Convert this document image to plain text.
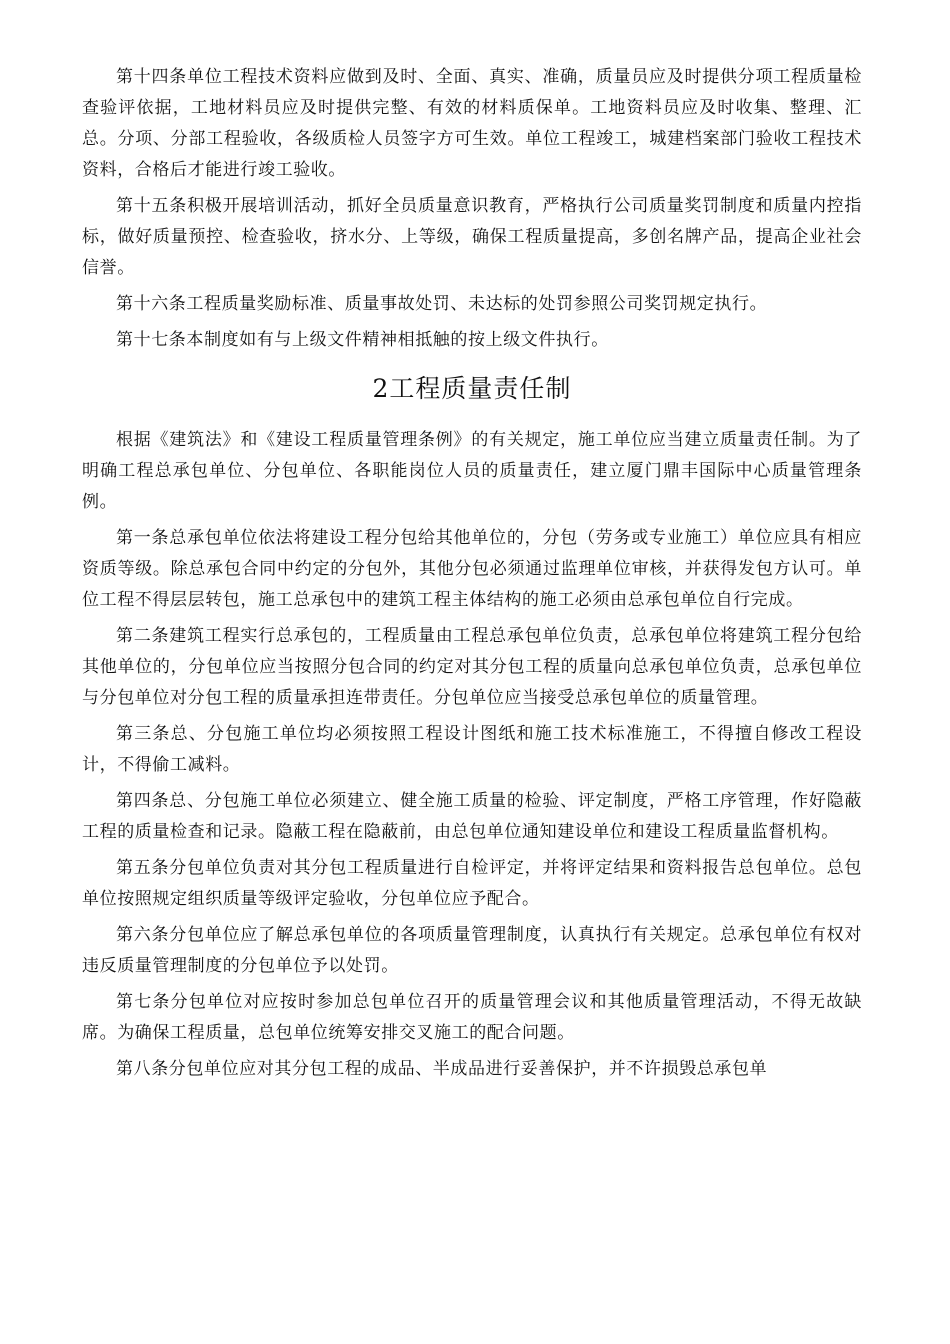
第十四条单位工程技术资料应做到及时、全面、真实、准确，质量员应及时提供分项工程质量检查验评依据，工地材料员应及时提供完整、有效的材料质保单。工地资料员应及时收集、整理、汇总。分项、分部工程验收，各级质检人员签字方可生效。单位工程竣工，城建档案部门验收工程技术资料，合格后才能进行竣工验收。

第十五条积极开展培训活动，抓好全员质量意识教育，严格执行公司质量奖罚制度和质量内控指标，做好质量预控、检查验收，挤水分、上等级，确保工程质量提高，多创名牌产品，提高企业社会信誉。

第十六条工程质量奖励标准、质量事故处罚、未达标的处罚参照公司奖罚规定执行。

第十七条本制度如有与上级文件精神相抵触的按上级文件执行。

2工程质量责任制

根据《建筑法》和《建设工程质量管理条例》的有关规定，施工单位应当建立质量责任制。为了明确工程总承包单位、分包单位、各职能岗位人员的质量责任，建立厦门鼎丰国际中心质量管理条例。

第一条总承包单位依法将建设工程分包给其他单位的，分包（劳务或专业施工）单位应具有相应资质等级。除总承包合同中约定的分包外，其他分包必须通过监理单位审核，并获得发包方认可。单位工程不得层层转包，施工总承包中的建筑工程主体结构的施工必须由总承包单位自行完成。

第二条建筑工程实行总承包的，工程质量由工程总承包单位负责，总承包单位将建筑工程分包给其他单位的，分包单位应当按照分包合同的约定对其分包工程的质量向总承包单位负责，总承包单位与分包单位对分包工程的质量承担连带责任。分包单位应当接受总承包单位的质量管理。

第三条总、分包施工单位均必须按照工程设计图纸和施工技术标准施工，不得擅自修改工程设计，不得偷工减料。

第四条总、分包施工单位必须建立、健全施工质量的检验、评定制度，严格工序管理，作好隐蔽工程的质量检查和记录。隐蔽工程在隐蔽前，由总包单位通知建设单位和建设工程质量监督机构。

第五条分包单位负责对其分包工程质量进行自检评定，并将评定结果和资料报告总包单位。总包单位按照规定组织质量等级评定验收，分包单位应予配合。

第六条分包单位应了解总承包单位的各项质量管理制度，认真执行有关规定。总承包单位有权对违反质量管理制度的分包单位予以处罚。

第七条分包单位对应按时参加总包单位召开的质量管理会议和其他质量管理活动，不得无故缺席。为确保工程质量，总包单位统筹安排交叉施工的配合问题。

第八条分包单位应对其分包工程的成品、半成品进行妥善保护，并不许损毁总承包单
